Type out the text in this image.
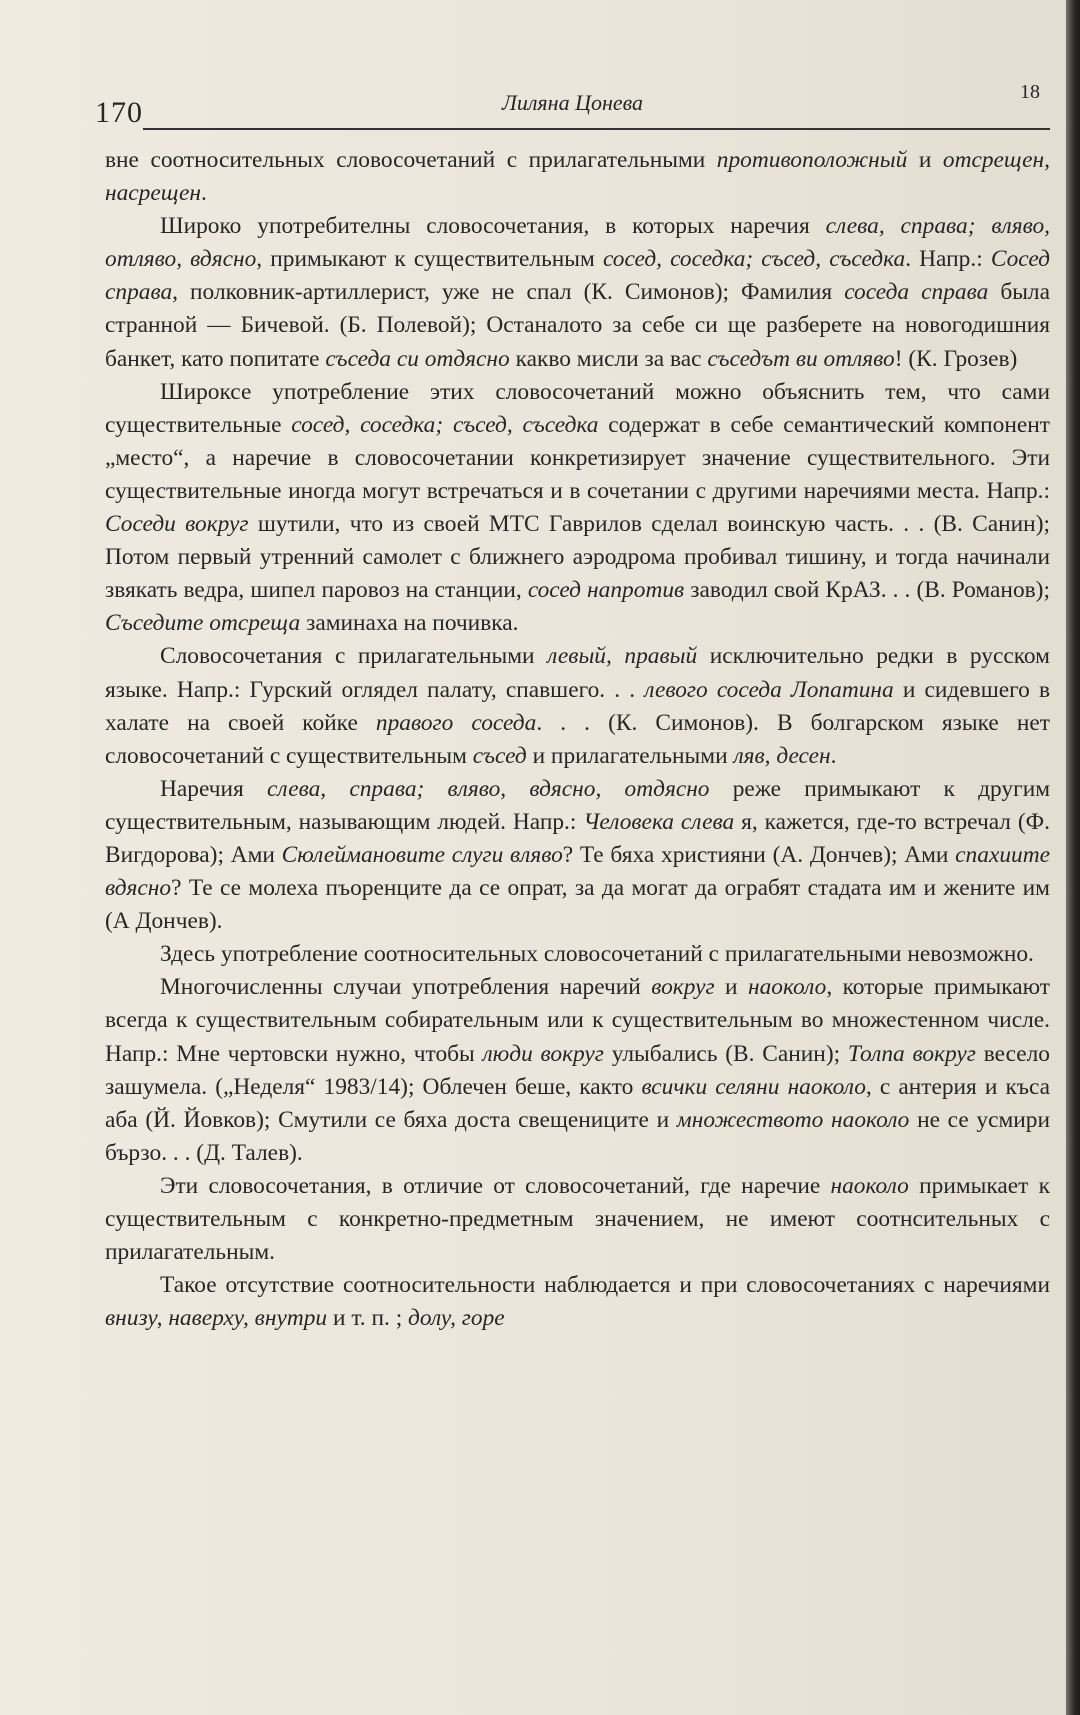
170	Лиляна Цонева	18

вне соотносительных словосочетаний с прилагательными противоположный и отсрещен, насрещен.

Широко употребителны словосочетания, в которых наречия слева, справа; вляво, отляво, вдясно, примыкают к существительным сосед, соседка; съсед, съседка. Напр.: Сосед справа, полковник-артиллерист, уже не спал (К. Симонов); Фамилия соседа справа была странной — Бичевой. (Б. Полевой); Останалото за себе си ще разберете на новогодишния банкет, като попитате съседа си отдясно какво мисли за вас съседът ви отляво! (К. Грозев)

Широксе употребление этих словосочетаний можно объяснить тем, что сами существительные сосед, соседка; съсед, съседка содержат в себе семантический компонент „место“, а наречие в словосочетании конкретизирует значение существительного. Эти существительные иногда могут встречаться и в сочетании с другими наречиями места. Напр.: Соседи вокруг шутили, что из своей МТС Гаврилов сделал воинскую часть. . . (В. Санин); Потом первый утренний самолет с ближнего аэродрома пробивал тишину, и тогда начинали звякать ведра, шипел паровоз на станции, сосед напротив заводил свой КрАЗ. . . (В. Романов); Съседите отсреща заминаха на почивка.

Словосочетания с прилагательными левый, правый исключительно редки в русском языке. Напр.: Гурский оглядел палату, спавшего. . . левого соседа Лопатина и сидевшего в халате на своей койке правого соседа. . . (К. Симонов). В болгарском языке нет словосочетаний с существительным съсед и прилагательными ляв, десен.

Наречия слева, справа; вляво, вдясно, отдясно реже примыкают к другим существительным, называющим людей. Напр.: Человека слева я, кажется, где-то встречал (Ф. Вигдорова); Ами Сюлеймановите слуги вляво? Те бяха християни (А. Дончев); Ами спахиите вдясно? Те се молеха пъоренците да се опрат, за да могат да ограбят стадата им и жените им (А Дончев).

Здесь употребление соотносительных словосочетаний с прилагательными невозможно.

Многочисленны случаи употребления наречий вокруг и наоколо, которые примыкают всегда к существительным собирательным или к существительным во множестенном числе. Напр.: Мне чертовски нужно, чтобы люди вокруг улыбались (В. Санин); Толпа вокруг весело зашумела. („Неделя“ 1983/14); Облечен беше, както всички селяни наоколо, с антерия и къса аба (Й. Йовков); Смутили се бяха доста свещениците и множеството наоколо не се усмири бързо. . . (Д. Талев).

Эти словосочетания, в отличие от словосочетаний, где наречие наоколо примыкает к существительным с конкретно-предметным значением, не имеют соотнсительных с прилагательным.

Такое отсутствие соотносительности наблюдается и при словосочетаниях с наречиями внизу, наверху, внутри и т. п. ; долу, горе
